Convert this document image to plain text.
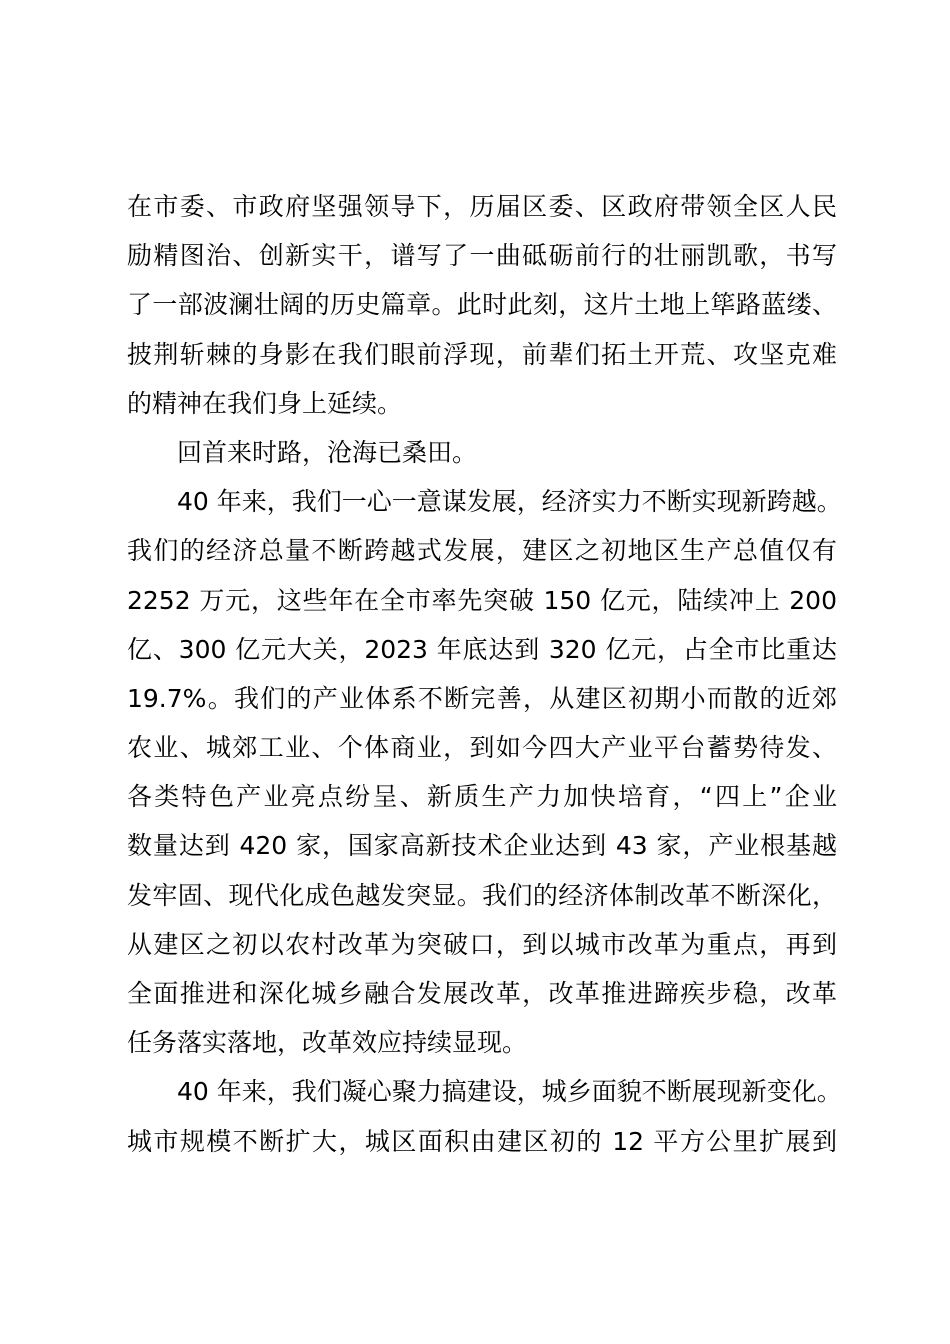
在市委、市政府坚强领导下，历届区委、区政府带领全区人民
励精图治、创新实干，谱写了一曲砥砺前行的壮丽凯歌，书写
了一部波澜壮阔的历史篇章。此时此刻，这片土地上筚路蓝缕、
披荆斩棘的身影在我们眼前浮现，前辈们拓土开荒、攻坚克难
的精神在我们身上延续。
回首来时路，沧海已桑田。
40 年来，我们一心一意谋发展，经济实力不断实现新跨越。
我们的经济总量不断跨越式发展，建区之初地区生产总值仅有
2252 万元，这些年在全市率先突破 150 亿元，陆续冲上 200
亿、300 亿元大关，2023 年底达到 320 亿元，占全市比重达
19.7%。我们的产业体系不断完善，从建区初期小而散的近郊
农业、城郊工业、个体商业，到如今四大产业平台蓄势待发、
各类特色产业亮点纷呈、新质生产力加快培育，“四上”企业
数量达到 420 家，国家高新技术企业达到 43 家，产业根基越
发牢固、现代化成色越发突显。我们的经济体制改革不断深化，
从建区之初以农村改革为突破口，到以城市改革为重点，再到
全面推进和深化城乡融合发展改革，改革推进蹄疾步稳，改革
任务落实落地，改革效应持续显现。
40 年来，我们凝心聚力搞建设，城乡面貌不断展现新变化。
城市规模不断扩大，城区面积由建区初的 12 平方公里扩展到
